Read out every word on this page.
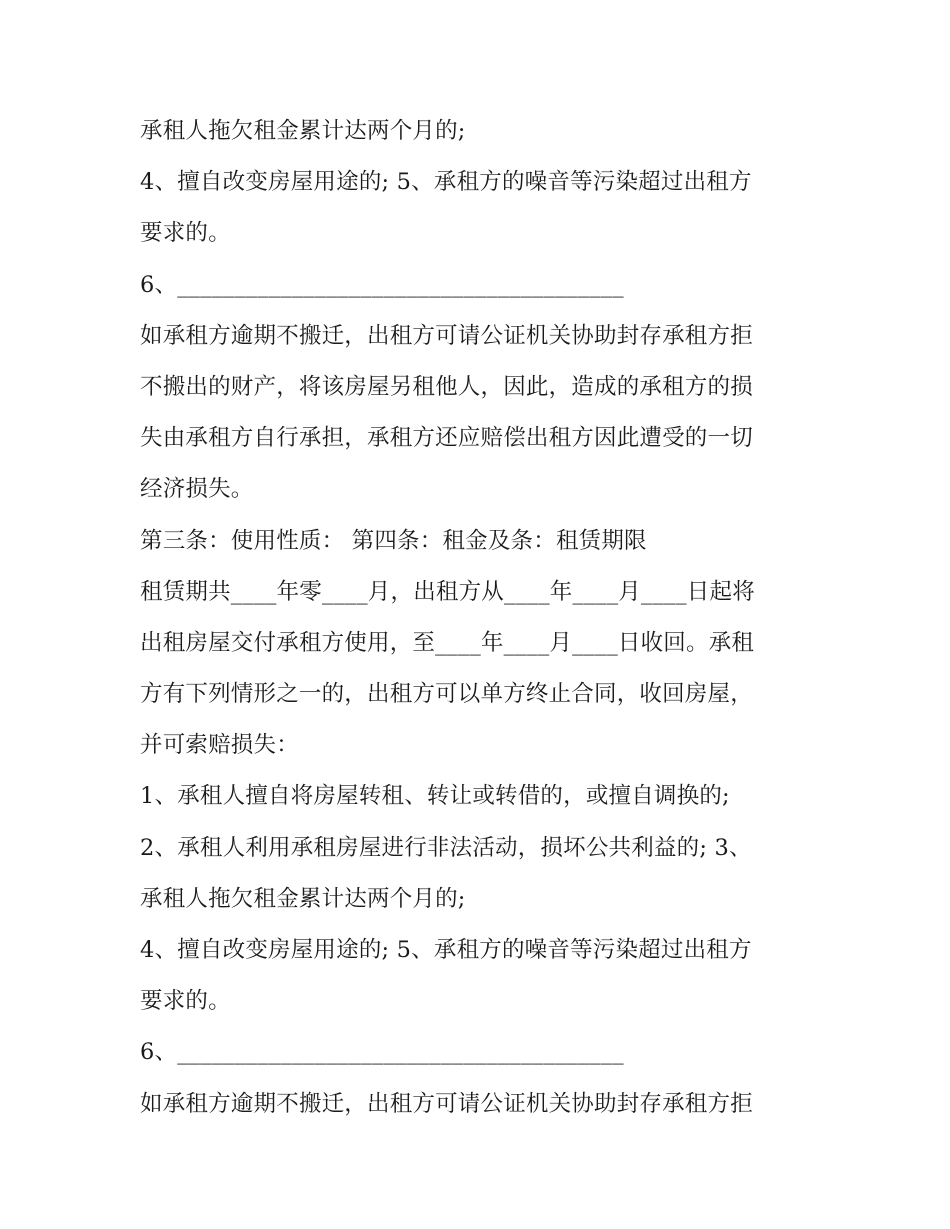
承租人拖欠租金累计达两个月的;
4、擅自改变房屋用途的; 5、承租方的噪音等污染超过出租方
要求的。
6、_______________________________________
如承租方逾期不搬迁，出租方可请公证机关协助封存承租方拒
不搬出的财产，将该房屋另租他人，因此，造成的承租方的损
失由承租方自行承担，承租方还应赔偿出租方因此遭受的一切
经济损失。
第三条：使用性质： 第四条：租金及条：租赁期限
租赁期共____年零____月，出租方从____年____月____日起将
出租房屋交付承租方使用，至____年____月____日收回。承租
方有下列情形之一的，出租方可以单方终止合同，收回房屋，
并可索赔损失：
1、承租人擅自将房屋转租、转让或转借的，或擅自调换的;
2、承租人利用承租房屋进行非法活动，损坏公共利益的; 3、
承租人拖欠租金累计达两个月的;
4、擅自改变房屋用途的; 5、承租方的噪音等污染超过出租方
要求的。
6、_______________________________________
如承租方逾期不搬迁，出租方可请公证机关协助封存承租方拒
